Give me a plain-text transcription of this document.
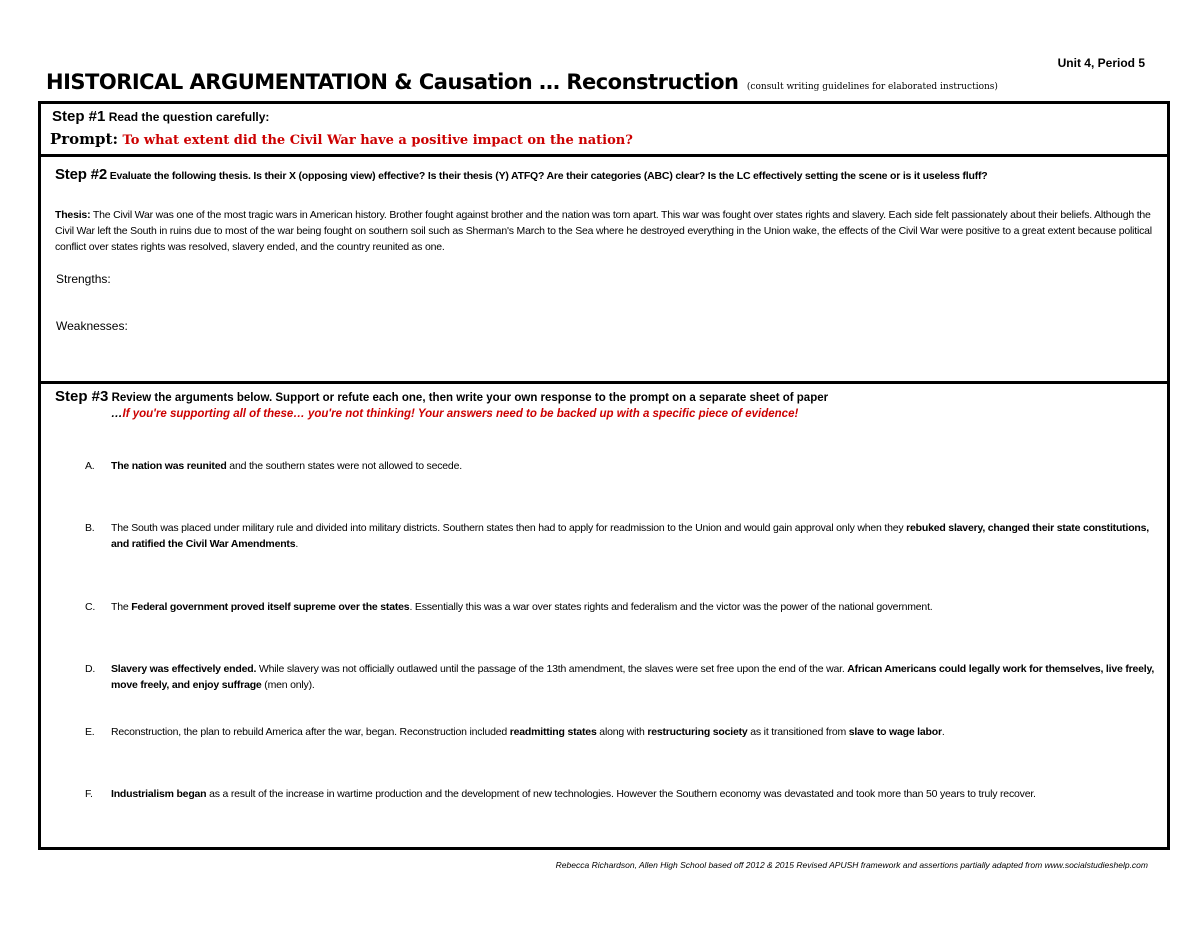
Unit 4, Period 5
HISTORICAL ARGUMENTATION & Causation … Reconstruction (consult writing guidelines for elaborated instructions)
Step #1 Read the question carefully:
Prompt: To what extent did the Civil War have a positive impact on the nation?
Step #2 Evaluate the following thesis. Is their X (opposing view) effective? Is their thesis (Y) ATFQ? Are their categories (ABC) clear? Is the LC effectively setting the scene or is it useless fluff?
Thesis: The Civil War was one of the most tragic wars in American history. Brother fought against brother and the nation was torn apart. This war was fought over states rights and slavery. Each side felt passionately about their beliefs. Although the Civil War left the South in ruins due to most of the war being fought on southern soil such as Sherman's March to the Sea where he destroyed everything in the Union wake, the effects of the Civil War were positive to a great extent because political conflict over states rights was resolved, slavery ended, and the country reunited as one.
Strengths:
Weaknesses:
Step #3 Review the arguments below. Support or refute each one, then write your own response to the prompt on a separate sheet of paper
…If you're supporting all of these… you're not thinking! Your answers need to be backed up with a specific piece of evidence!
A. The nation was reunited and the southern states were not allowed to secede.
B. The South was placed under military rule and divided into military districts. Southern states then had to apply for readmission to the Union and would gain approval only when they rebuked slavery, changed their state constitutions, and ratified the Civil War Amendments.
C. The Federal government proved itself supreme over the states. Essentially this was a war over states rights and federalism and the victor was the power of the national government.
D. Slavery was effectively ended. While slavery was not officially outlawed until the passage of the 13th amendment, the slaves were set free upon the end of the war. African Americans could legally work for themselves, live freely, move freely, and enjoy suffrage (men only).
E. Reconstruction, the plan to rebuild America after the war, began. Reconstruction included readmitting states along with restructuring society as it transitioned from slave to wage labor.
F. Industrialism began as a result of the increase in wartime production and the development of new technologies. However the Southern economy was devastated and took more than 50 years to truly recover.
Rebecca Richardson, Allen High School based off 2012 & 2015 Revised APUSH framework and assertions partially adapted from www.socialstudieshelp.com
